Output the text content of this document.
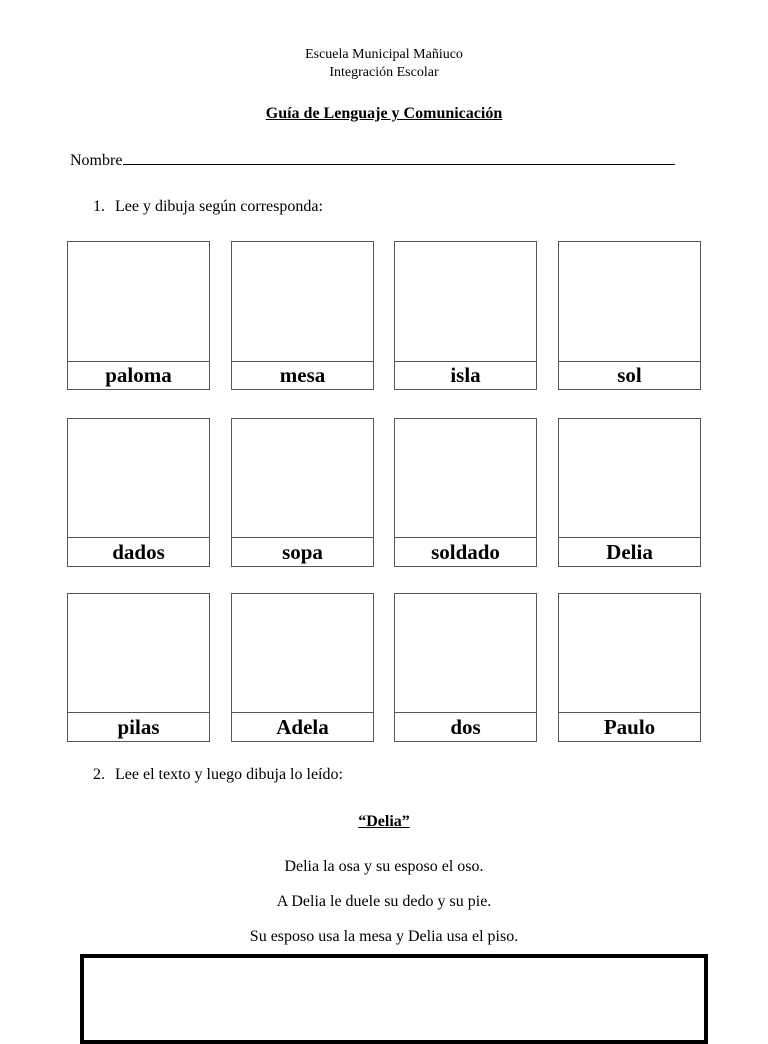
Escuela Municipal Mañiuco
Integración Escolar
Guía de Lenguaje y Comunicación
Nombre
1. Lee y dibuja según corresponda:
paloma	mesa	isla	sol
dados	sopa	soldado	Delia
pilas	Adela	dos	Paulo
2. Lee el texto y luego dibuja lo leído:
“Delia”
Delia la osa y su esposo el oso.
A Delia le duele su dedo y su pie.
Su esposo usa la mesa y Delia usa el piso.
